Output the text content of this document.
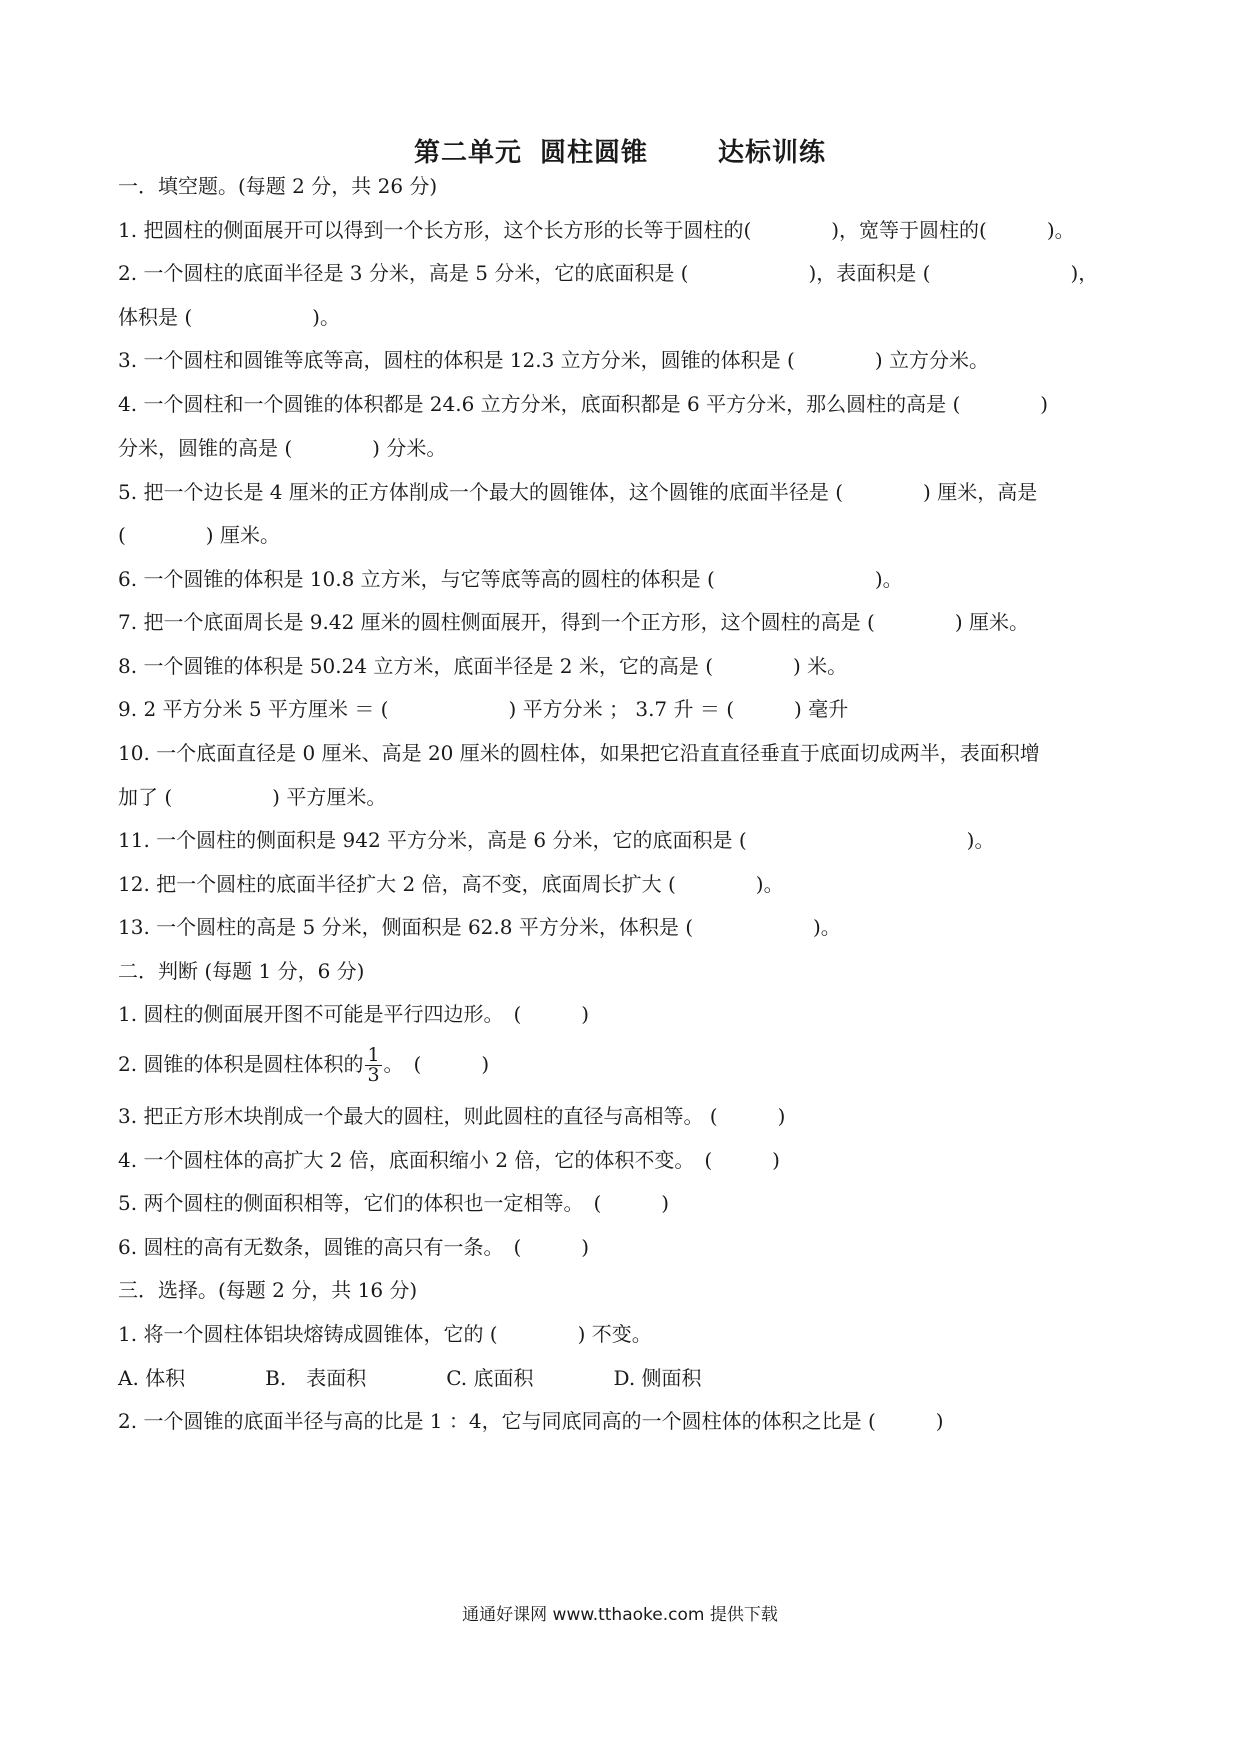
第二单元 圆柱圆锥	达标训练
一．填空题。(每题 2 分，共 26 分)
1. 把圆柱的侧面展开可以得到一个长方形，这个长方形的长等于圆柱的(　　　　)，宽等于圆柱的(　　　)。
2. 一个圆柱的底面半径是 3 分米，高是 5 分米，它的底面积是 (　　　　　　)，表面积是 (　　　　　　　)，
体积是 (　　　　　　)。
3. 一个圆柱和圆锥等底等高，圆柱的体积是 12.3 立方分米，圆锥的体积是 (　　　　) 立方分米。
4. 一个圆柱和一个圆锥的体积都是 24.6 立方分米，底面积都是 6 平方分米，那么圆柱的高是 (　　　　)
分米，圆锥的高是 (　　　　) 分米。
5. 把一个边长是 4 厘米的正方体削成一个最大的圆锥体，这个圆锥的底面半径是 (　　　　) 厘米，高是
(　　　　) 厘米。
6. 一个圆锥的体积是 10.8 立方米，与它等底等高的圆柱的体积是 (　　　　　　　　)。
7. 把一个底面周长是 9.42 厘米的圆柱侧面展开，得到一个正方形，这个圆柱的高是 (　　　　) 厘米。
8. 一个圆锥的体积是 50.24 立方米，底面半径是 2 米，它的高是 (　　　　) 米。
9. 2 平方分米 5 平方厘米 ＝ (　　　　　　) 平方分米 ； 3.7 升 ＝ (　　　) 毫升
10. 一个底面直径是 0 厘米、高是 20 厘米的圆柱体，如果把它沿直直径垂直于底面切成两半，表面积增
加了 (　　　　　) 平方厘米。
11. 一个圆柱的侧面积是 942 平方分米，高是 6 分米，它的底面积是 (　　　　　　　　　　　)。
12. 把一个圆柱的底面半径扩大 2 倍，高不变，底面周长扩大 (　　　　)。
13. 一个圆柱的高是 5 分米，侧面积是 62.8 平方分米，体积是 (　　　　　　)。
二．判断 (每题 1 分，6 分)
1. 圆柱的侧面展开图不可能是平行四边形。　(　　　)
2. 圆锥的体积是圆柱体积的 $\frac{1}{3}$ 。　(　　　)
3. 把正方形木块削成一个最大的圆柱，则此圆柱的直径与高相等。 (　　　)
4. 一个圆柱体的高扩大 2 倍，底面积缩小 2 倍，它的体积不变。　(　　　)
5. 两个圆柱的侧面积相等，它们的体积也一定相等。　(　　　)
6. 圆柱的高有无数条，圆锥的高只有一条。　(　　　)
三．选择。(每题 2 分，共 16 分)
1. 将一个圆柱体铝块熔铸成圆锥体，它的 (　　　　) 不变。
A. 体积　　　　B.　表面积　　　　C. 底面积　　　　D. 侧面积
2. 一个圆锥的底面半径与高的比是 1 ：4，它与同底同高的一个圆柱体的体积之比是 (　　　)
通通好课网 www.tthaoke.com 提供下载
